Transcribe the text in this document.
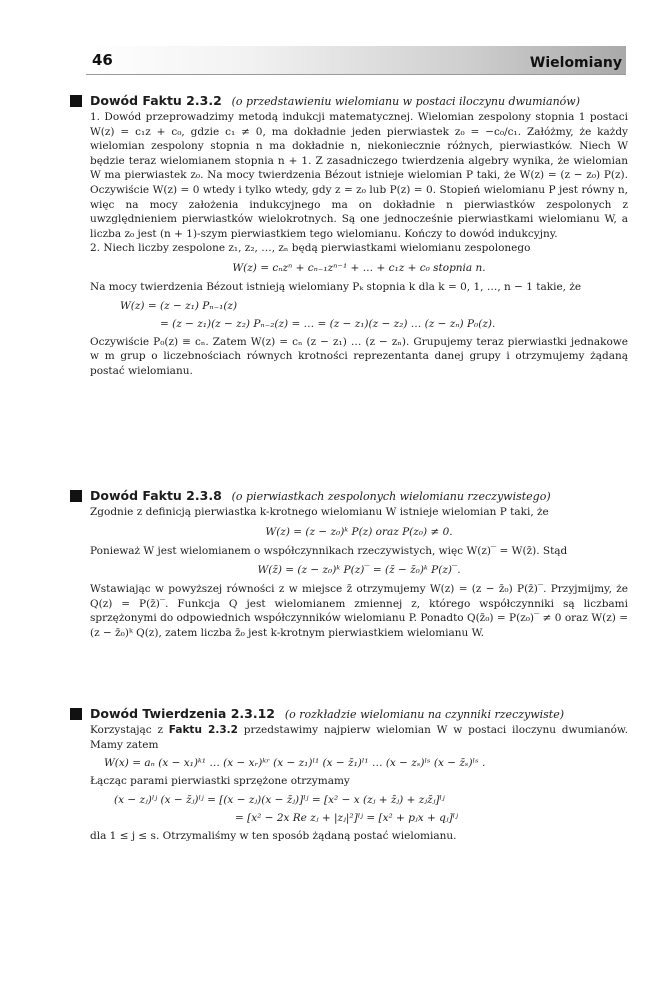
46	Wielomiany
Dowód Faktu 2.3.2 (o przedstawieniu wielomianu w postaci iloczynu dwumianów)

1. Dowód przeprowadzimy metodą indukcji matematycznej. Wielomian zespolony stopnia 1 postaci W(z) = c₁z + c₀, gdzie c₁ ≠ 0, ma dokładnie jeden pierwiastek z₀ = −c₀/c₁. Załóżmy, że każdy wielomian zespolony stopnia n ma dokładnie n, niekoniecznie różnych, pierwiastków. Niech W będzie teraz wielomianem stopnia n + 1. Z zasadniczego twierdzenia algebry wynika, że wielomian W ma pierwiastek z₀. Na mocy twierdzenia Bézout istnieje wielomian P taki, że W(z) = (z − z₀) P(z). Oczywiście W(z) = 0 wtedy i tylko wtedy, gdy z = z₀ lub P(z) = 0. Stopień wielomianu P jest równy n, więc na mocy założenia indukcyjnego ma on dokładnie n pierwiastków zespolonych z uwzględnieniem pierwiastków wielokrotnych. Są one jednocześnie pierwiastkami wielomianu W, a liczba z₀ jest (n + 1)-szym pierwiastkiem tego wielomianu. Kończy to dowód indukcyjny.

2. Niech liczby zespolone z₁, z₂, …, zₙ będą pierwiastkami wielomianu zespolonego

W(z) = cₙzⁿ + cₙ₋₁zⁿ⁻¹ + … + c₁z + c₀ stopnia n.

Na mocy twierdzenia Bézout istnieją wielomiany Pₖ stopnia k dla k = 0, 1, …, n − 1 takie, że

W(z) = (z − z₁) Pₙ₋₁(z)
= (z − z₁)(z − z₂) Pₙ₋₂(z) = … = (z − z₁)(z − z₂) … (z − zₙ) P₀(z).

Oczywiście P₀(z) ≡ cₙ. Zatem W(z) = cₙ (z − z₁) … (z − zₙ). Grupujemy teraz pierwiastki jednakowe w m grup o liczebnościach równych krotności reprezentanta danej grupy i otrzymujemy żądaną postać wielomianu.

Dowód Faktu 2.3.8 (o pierwiastkach zespolonych wielomianu rzeczywistego)

Zgodnie z definicją pierwiastka k-krotnego wielomianu W istnieje wielomian P taki, że

W(z) = (z − z₀)ᵏ P(z) oraz P(z₀) ≠ 0.

Ponieważ W jest wielomianem o współczynnikach rzeczywistych, więc W(z)‾ = W(z̄). Stąd

W(z̄) = (z − z₀)ᵏ P(z)‾ = (z̄ − z̄₀)ᵏ P(z)‾.

Wstawiając w powyższej równości z w miejsce z̄ otrzymujemy W(z) = (z − z̄₀) P(z̄)‾. Przyjmijmy, że Q(z) = P(z̄)‾. Funkcja Q jest wielomianem zmiennej z, którego współczynniki są liczbami sprzężonymi do odpowiednich współczynników wielomianu P. Ponadto Q(z̄₀) = P(z₀)‾ ≠ 0 oraz W(z) = (z − z̄₀)ᵏ Q(z), zatem liczba z̄₀ jest k-krotnym pierwiastkiem wielomianu W.

Dowód Twierdzenia 2.3.12 (o rozkładzie wielomianu na czynniki rzeczywiste)

Korzystając z Faktu 2.3.2 przedstawimy najpierw wielomian W w postaci iloczynu dwumianów. Mamy zatem

W(x) = aₙ (x − x₁)ᵏ¹ … (x − xᵣ)ᵏʳ (x − z₁)ˡ¹ (x − z̄₁)ˡ¹ … (x − zₛ)ˡˢ (x − z̄ₛ)ˡˢ .

Łącząc parami pierwiastki sprzężone otrzymamy

(x − zⱼ)ˡʲ (x − z̄ⱼ)ˡʲ = [(x − zⱼ)(x − z̄ⱼ)]ˡʲ = [x² − x (zⱼ + z̄ⱼ) + zⱼz̄ⱼ]ˡʲ
= [x² − 2x Re zⱼ + |zⱼ|²]ˡʲ = [x² + pⱼx + qⱼ]ˡʲ

dla 1 ≤ j ≤ s. Otrzymaliśmy w ten sposób żądaną postać wielomianu.
